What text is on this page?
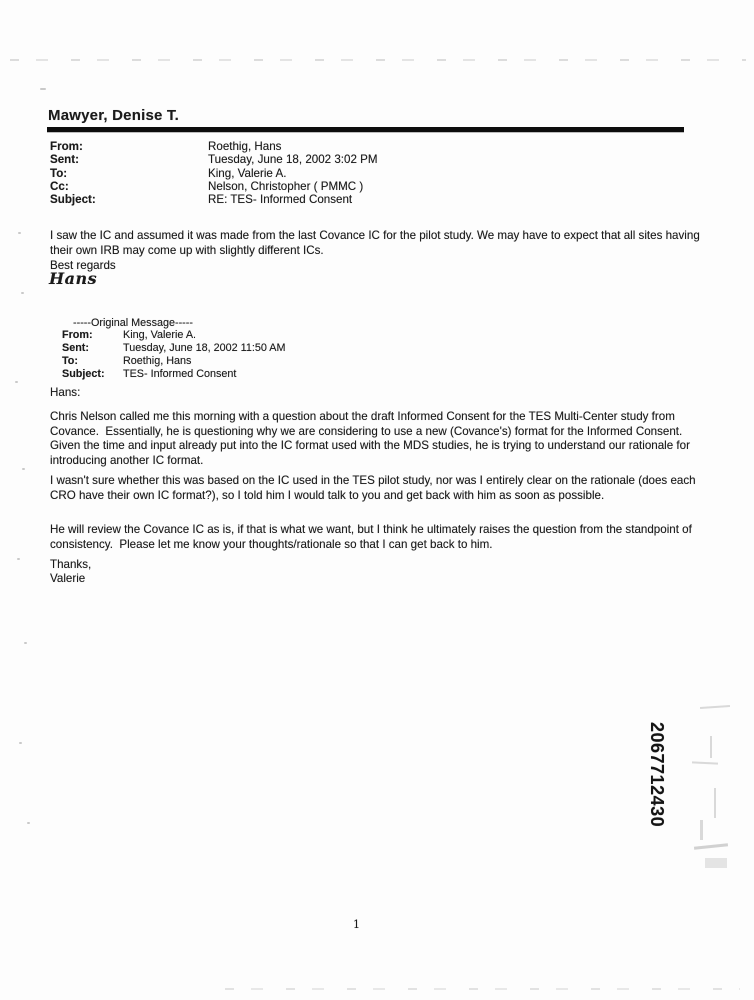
Mawyer, Denise T.
From:	Roethig, Hans
Sent:	Tuesday, June 18, 2002 3:02 PM
To:	King, Valerie A.
Cc:	Nelson, Christopher ( PMMC )
Subject:	RE: TES- Informed Consent
I saw the IC and assumed it was made from the last Covance IC for the pilot study. We may have to expect that all sites having their own IRB may come up with slightly different ICs.
Best regards
Hans
-----Original Message-----
From:	King, Valerie A.
Sent:	Tuesday, June 18, 2002 11:50 AM
To:	Roethig, Hans
Subject:	TES- Informed Consent
Hans:
Chris Nelson called me this morning with a question about the draft Informed Consent for the TES Multi-Center study from Covance.  Essentially, he is questioning why we are considering to use a new (Covance's) format for the Informed Consent.  Given the time and input already put into the IC format used with the MDS studies, he is trying to understand our rationale for introducing another IC format.
I wasn't sure whether this was based on the IC used in the TES pilot study, nor was I entirely clear on the rationale (does each CRO have their own IC format?), so I told him I would talk to you and get back with him as soon as possible.
He will review the Covance IC as is, if that is what we want, but I think he ultimately raises the question from the standpoint of consistency.  Please let me know your thoughts/rationale so that I can get back to him.
Thanks,
Valerie
2067712430
1
